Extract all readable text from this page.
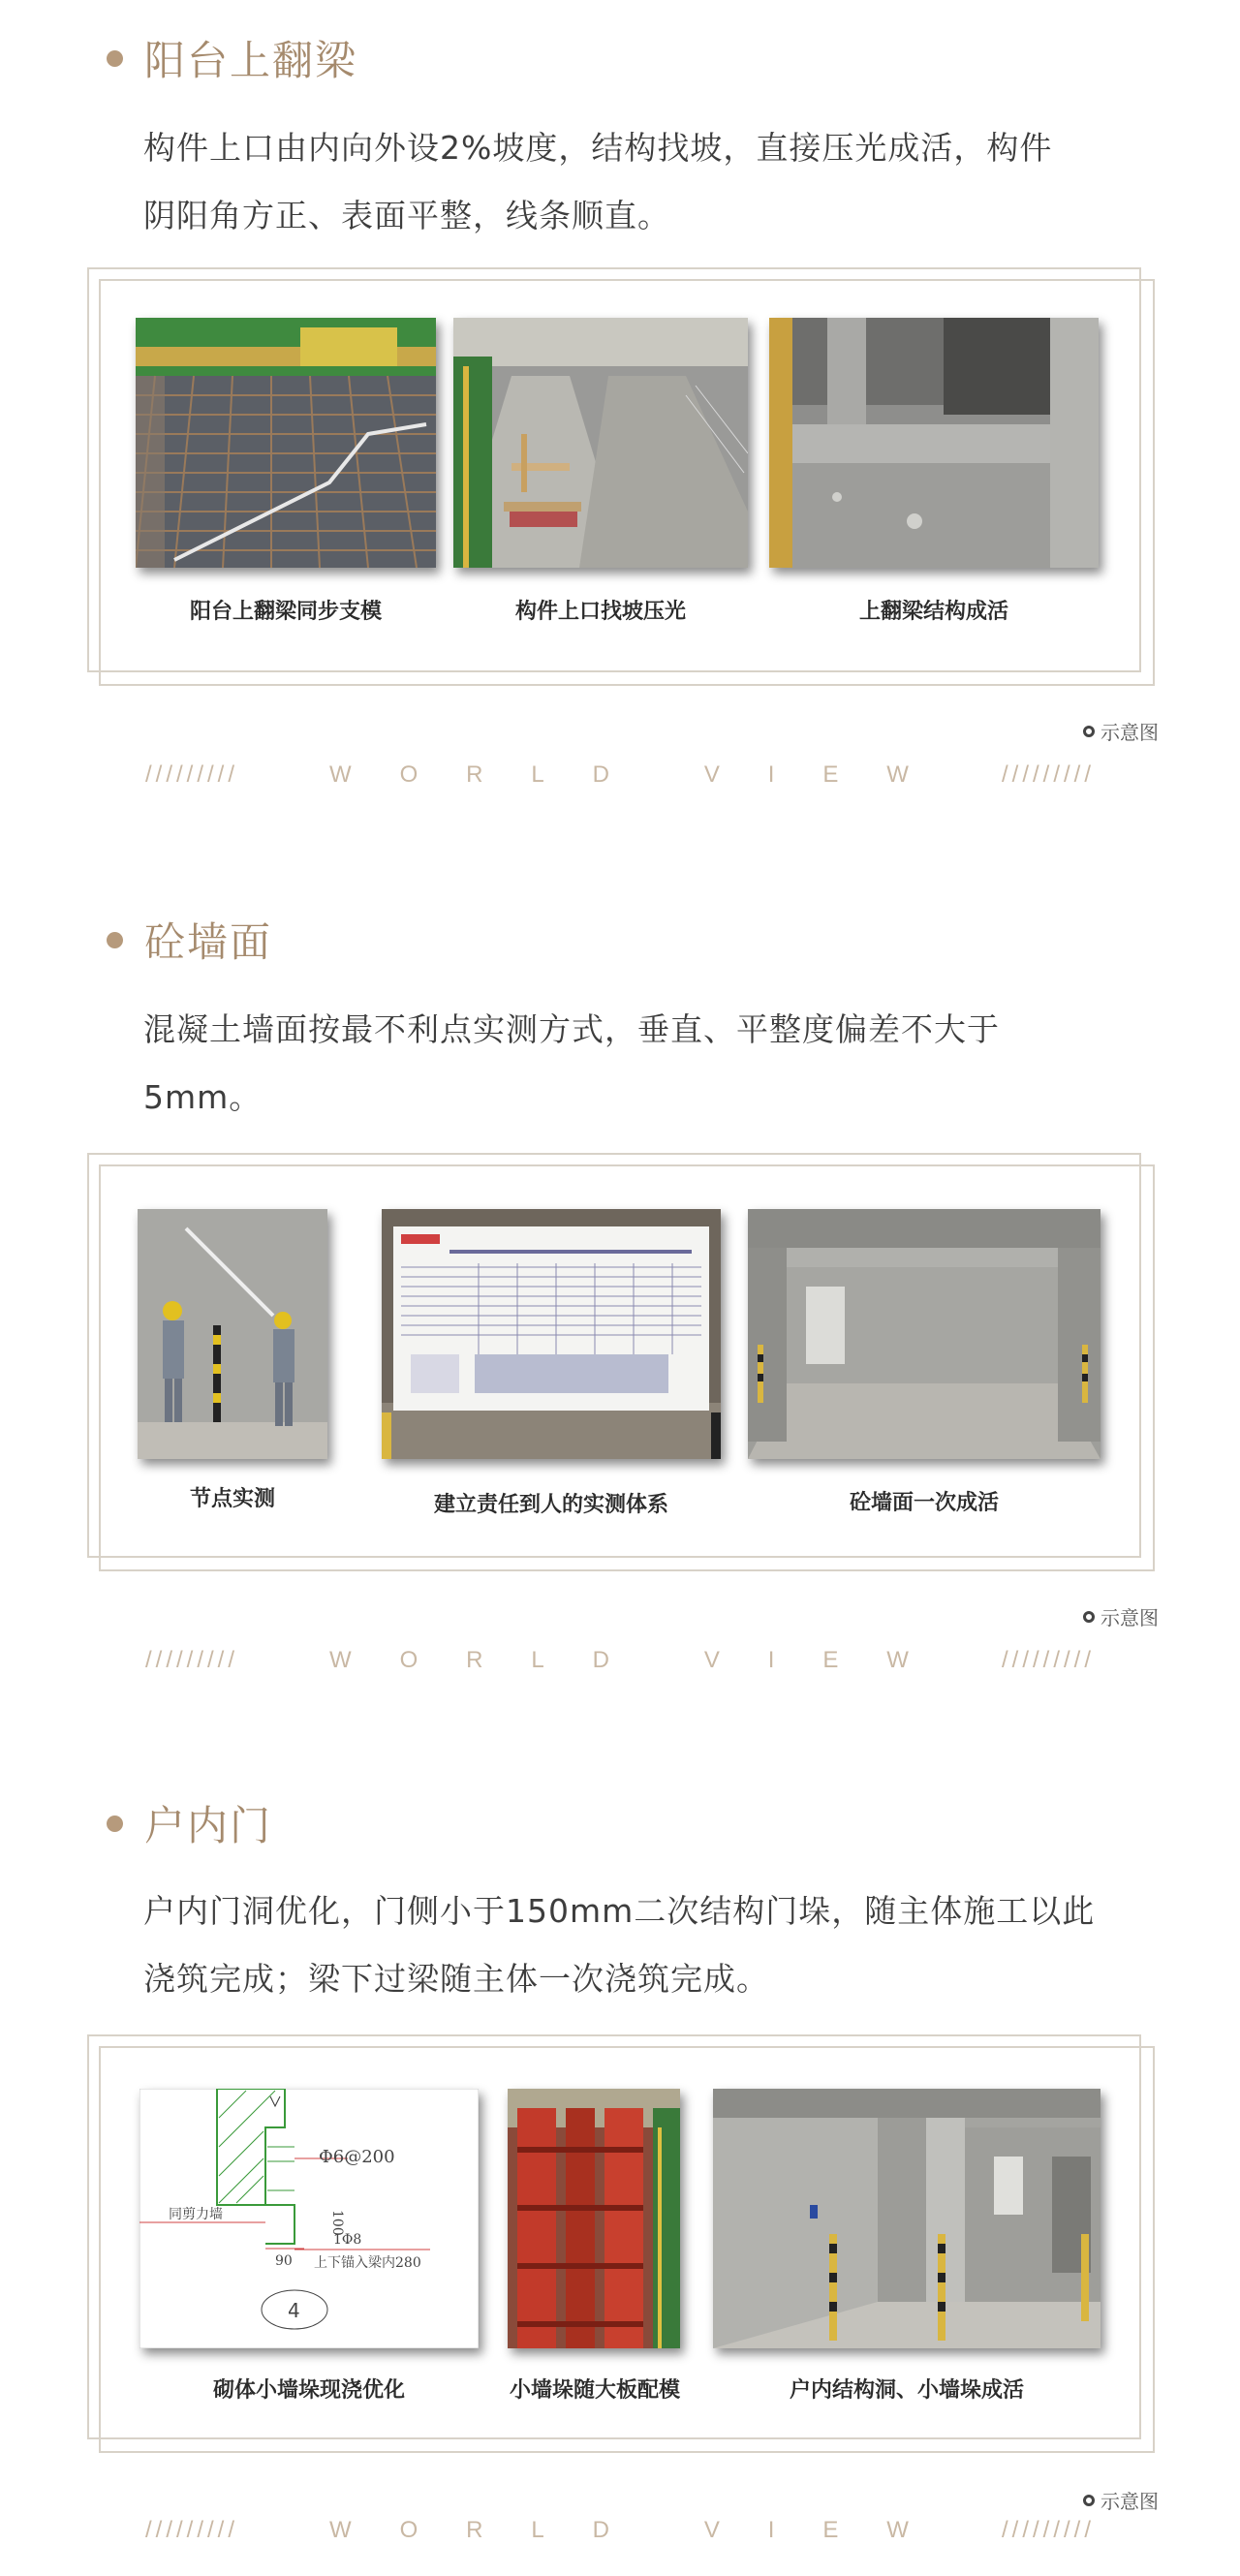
阳台上翻梁
构件上口由内向外设2%坡度，结构找坡，直接压光成活，构件
阴阳角方正、表面平整，线条顺直。
阳台上翻梁同步支模	构件上口找坡压光	上翻梁结构成活
示意图
/////////	W O R L D	V I E W	/////////
砼墙面
混凝土墙面按最不利点实测方式，垂直、平整度偏差不大于
5mm。
节点实测	建立责任到人的实测体系	砼墙面一次成活
示意图
/////////	W O R L D	V I E W	/////////
户内门
户内门洞优化，门侧小于150mm二次结构门垛，随主体施工以此
浇筑完成；梁下过梁随主体一次浇筑完成。
Φ6@200
100
同剪力墙
90
1Φ8
上下锚入梁内280
4
砌体小墙垛现浇优化	小墙垛随大板配模	户内结构洞、小墙垛成活
示意图
/////////	W O R L D	V I E W	/////////
